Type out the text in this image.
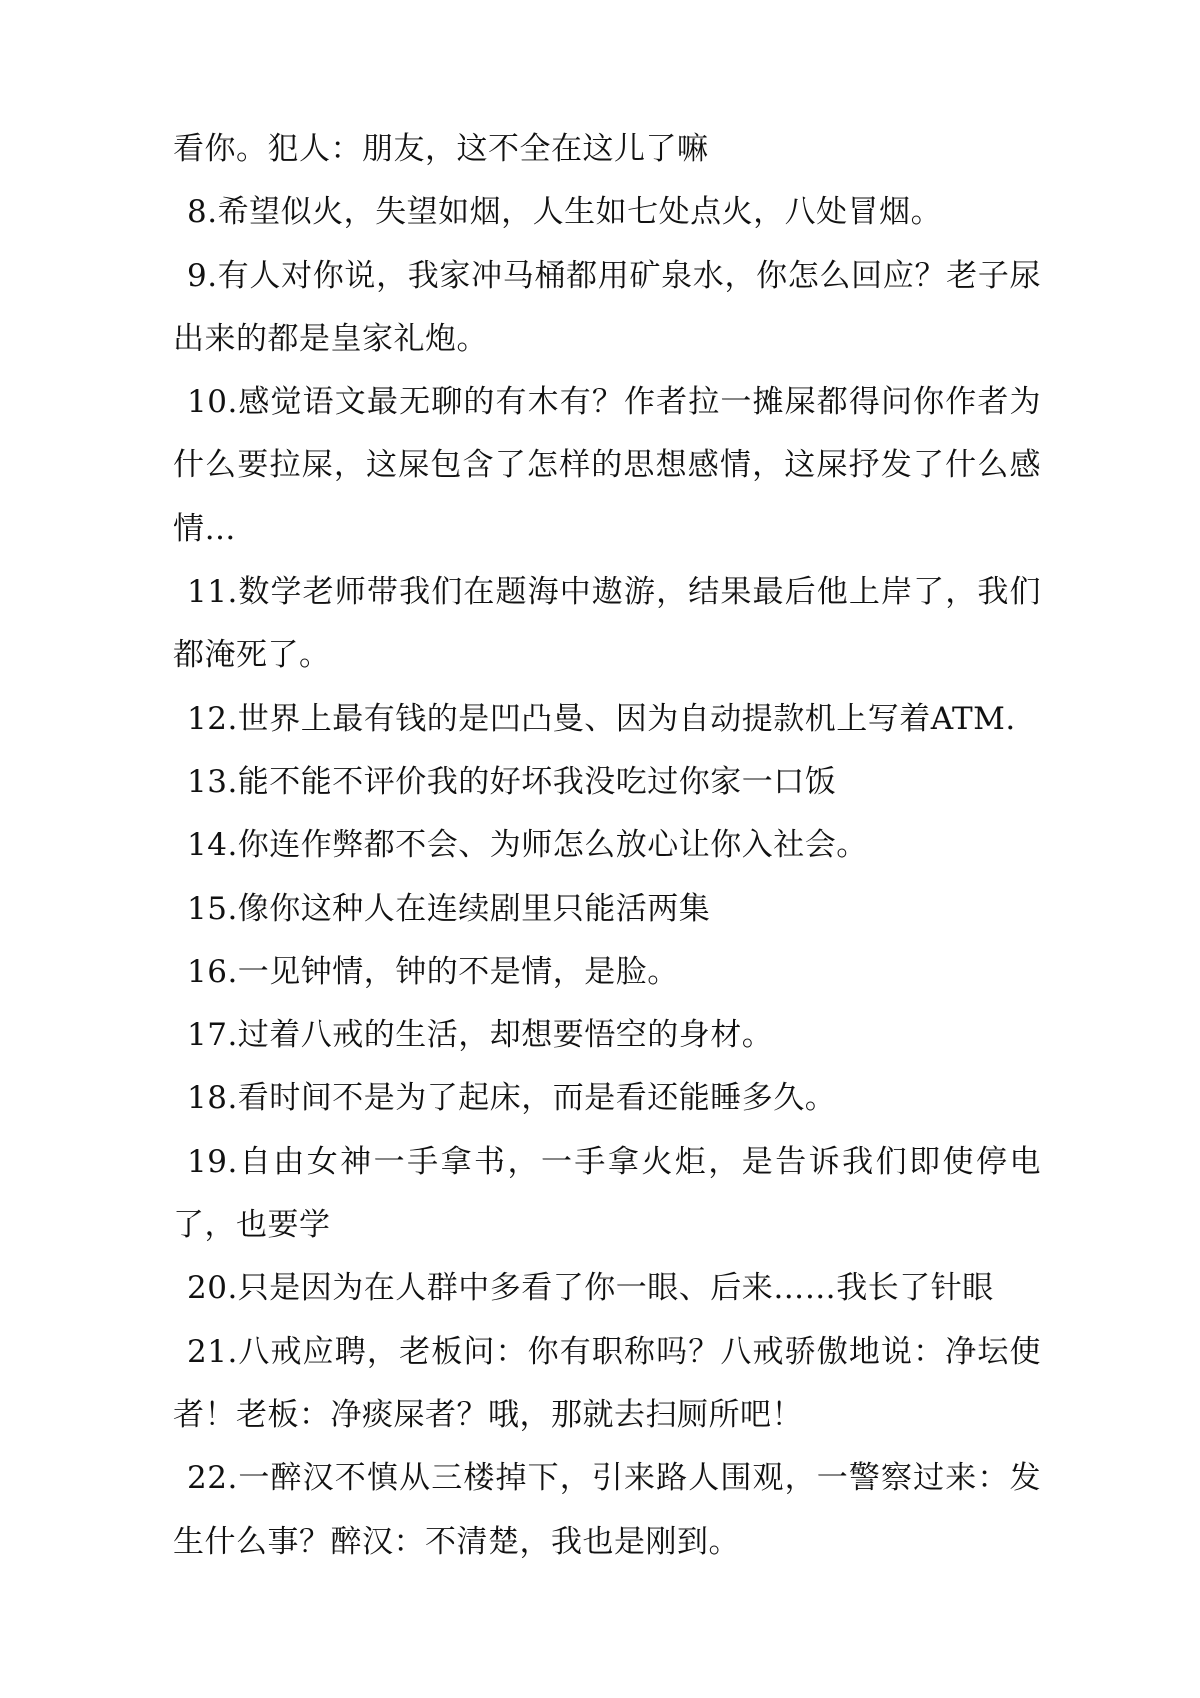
看你。犯人：朋友，这不全在这儿了嘛

8.希望似火，失望如烟，人生如七处点火，八处冒烟。

9.有人对你说，我家冲马桶都用矿泉水，你怎么回应？老子尿出来的都是皇家礼炮。

10.感觉语文最无聊的有木有？作者拉一摊屎都得问你作者为什么要拉屎，这屎包含了怎样的思想感情，这屎抒发了什么感情…

11.数学老师带我们在题海中遨游，结果最后他上岸了，我们都淹死了。

12.世界上最有钱的是凹凸曼、因为自动提款机上写着ATM.

13.能不能不评价我的好坏我没吃过你家一口饭

14.你连作弊都不会、为师怎么放心让你入社会。

15.像你这种人在连续剧里只能活两集

16.一见钟情，钟的不是情，是脸。

17.过着八戒的生活，却想要悟空的身材。

18.看时间不是为了起床，而是看还能睡多久。

19.自由女神一手拿书，一手拿火炬，是告诉我们即使停电了，也要学

20.只是因为在人群中多看了你一眼、后来……我长了针眼

21.八戒应聘，老板问：你有职称吗？八戒骄傲地说：净坛使者！老板：净痰屎者？哦，那就去扫厕所吧！

22.一醉汉不慎从三楼掉下，引来路人围观，一警察过来：发生什么事？醉汉：不清楚，我也是刚到。
